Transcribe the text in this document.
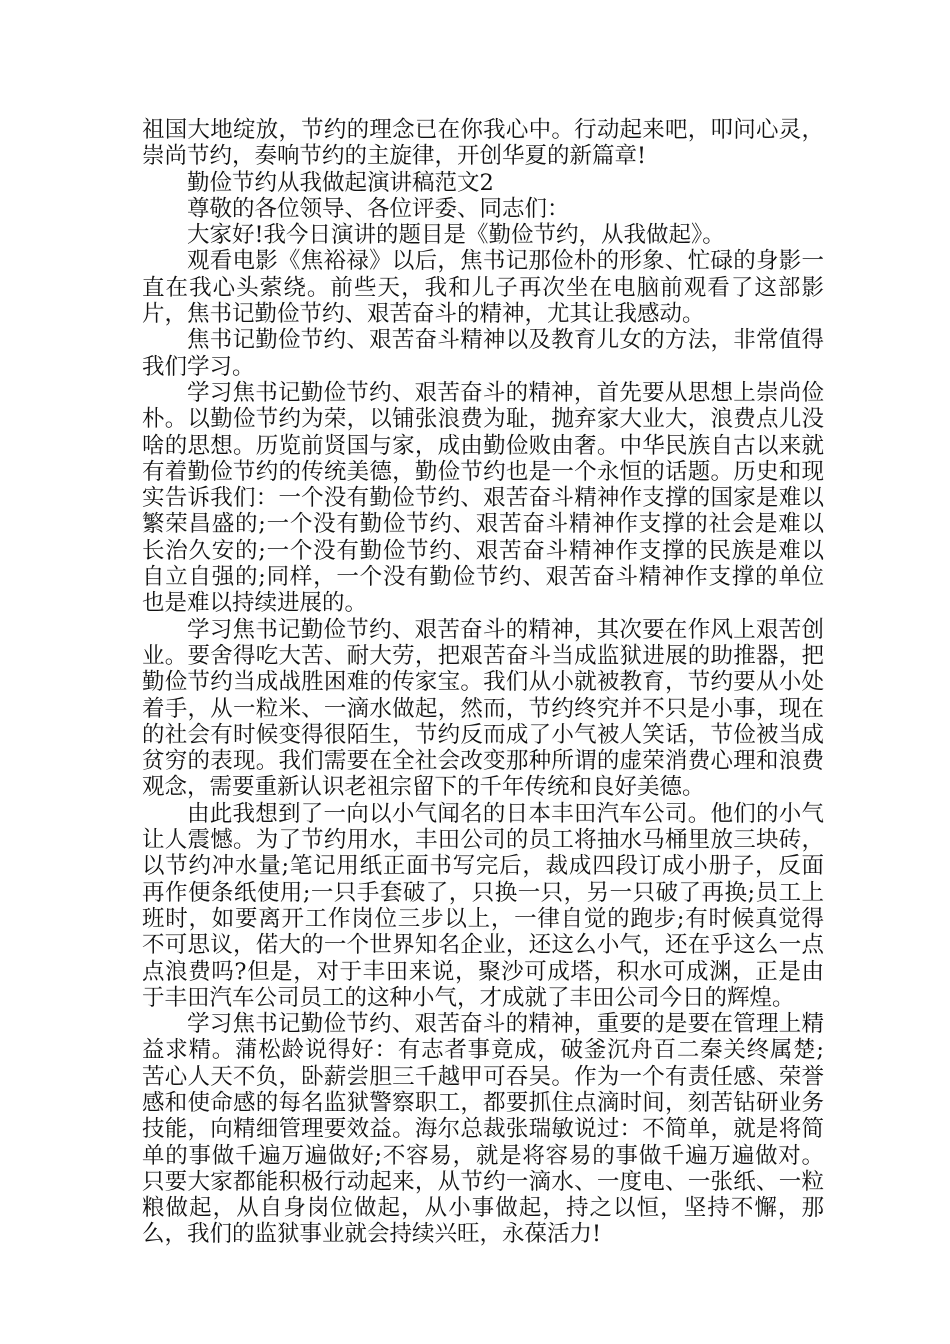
祖国大地绽放，节约的理念已在你我心中。行动起来吧，叩问心灵，崇尚节约，奏响节约的主旋律，开创华夏的新篇章!

勤俭节约从我做起演讲稿范文2

尊敬的各位领导、各位评委、同志们：

大家好!我今日演讲的题目是《勤俭节约，从我做起》。

观看电影《焦裕禄》以后，焦书记那俭朴的形象、忙碌的身影一直在我心头萦绕。前些天，我和儿子再次坐在电脑前观看了这部影片，焦书记勤俭节约、艰苦奋斗的精神，尤其让我感动。

焦书记勤俭节约、艰苦奋斗精神以及教育儿女的方法，非常值得我们学习。

学习焦书记勤俭节约、艰苦奋斗的精神，首先要从思想上崇尚俭朴。以勤俭节约为荣，以铺张浪费为耻，抛弃家大业大，浪费点儿没啥的思想。历览前贤国与家，成由勤俭败由奢。中华民族自古以来就有着勤俭节约的传统美德，勤俭节约也是一个永恒的话题。历史和现实告诉我们：一个没有勤俭节约、艰苦奋斗精神作支撑的国家是难以繁荣昌盛的;一个没有勤俭节约、艰苦奋斗精神作支撑的社会是难以长治久安的;一个没有勤俭节约、艰苦奋斗精神作支撑的民族是难以自立自强的;同样，一个没有勤俭节约、艰苦奋斗精神作支撑的单位也是难以持续进展的。

学习焦书记勤俭节约、艰苦奋斗的精神，其次要在作风上艰苦创业。要舍得吃大苦、耐大劳，把艰苦奋斗当成监狱进展的助推器，把勤俭节约当成战胜困难的传家宝。我们从小就被教育，节约要从小处着手，从一粒米、一滴水做起，然而，节约终究并不只是小事，现在的社会有时候变得很陌生，节约反而成了小气被人笑话，节俭被当成贫穷的表现。我们需要在全社会改变那种所谓的虚荣消费心理和浪费观念，需要重新认识老祖宗留下的千年传统和良好美德。

由此我想到了一向以小气闻名的日本丰田汽车公司。他们的小气让人震憾。为了节约用水，丰田公司的员工将抽水马桶里放三块砖，以节约冲水量;笔记用纸正面书写完后，裁成四段订成小册子，反面再作便条纸使用;一只手套破了，只换一只，另一只破了再换;员工上班时，如要离开工作岗位三步以上，一律自觉的跑步;有时候真觉得不可思议，偌大的一个世界知名企业，还这么小气，还在乎这么一点点浪费吗?但是，对于丰田来说，聚沙可成塔，积水可成渊，正是由于丰田汽车公司员工的这种小气，才成就了丰田公司今日的辉煌。

学习焦书记勤俭节约、艰苦奋斗的精神，重要的是要在管理上精益求精。蒲松龄说得好：有志者事竟成，破釜沉舟百二秦关终属楚;苦心人天不负，卧薪尝胆三千越甲可吞吴。作为一个有责任感、荣誉感和使命感的每名监狱警察职工，都要抓住点滴时间，刻苦钻研业务技能，向精细管理要效益。海尔总裁张瑞敏说过：不简单，就是将简单的事做千遍万遍做好;不容易，就是将容易的事做千遍万遍做对。只要大家都能积极行动起来，从节约一滴水、一度电、一张纸、一粒粮做起，从自身岗位做起，从小事做起，持之以恒，坚持不懈，那么，我们的监狱事业就会持续兴旺，永葆活力!
